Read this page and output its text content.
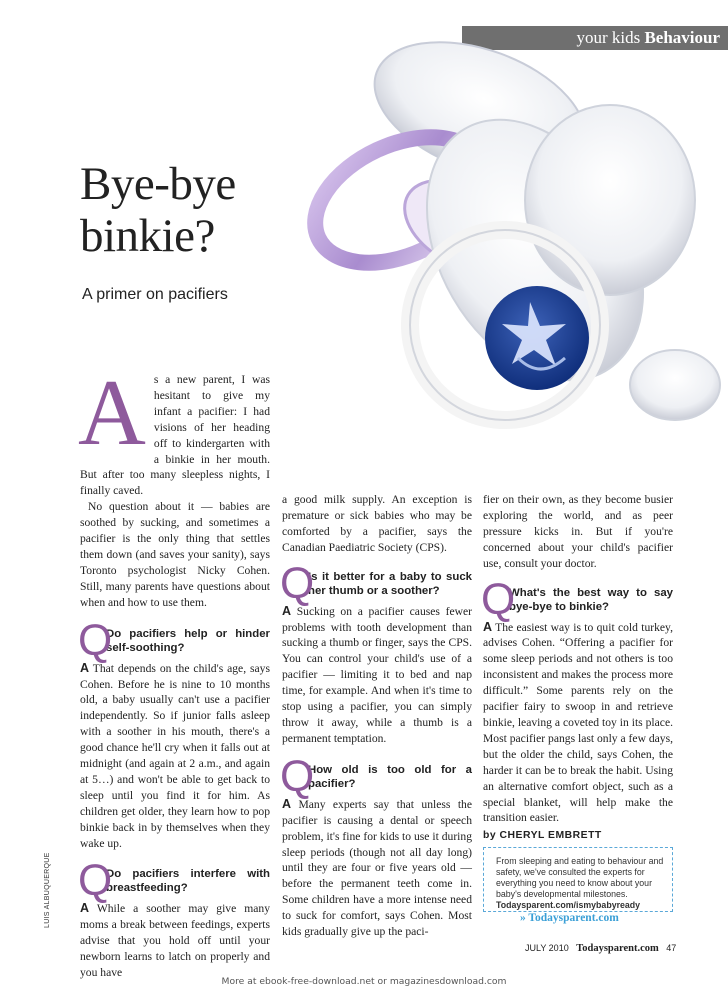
your kids Behaviour
Bye-bye
binkie?
A primer on pacifiers
A s a new parent, I was hesitant to give my infant a pacifier: I had visions of her heading off to kindergarten with a binkie in her mouth. But after too many sleepless nights, I finally caved.

No question about it — babies are soothed by sucking, and sometimes a pacifier is the only thing that settles them down (and saves your sanity), says Toronto psychologist Nicky Cohen. Still, many parents have questions about when and how to use them.

Q
Do pacifiers help or hinder self-soothing?

A That depends on the child's age, says Cohen. Before he is nine to 10 months old, a baby usually can't use a pacifier independently. So if junior falls asleep with a soother in his mouth, there's a good chance he'll cry when it falls out at midnight (and again at 2 a.m., and again at 5…) and won't be able to get back to sleep until you find it for him. As children get older, they learn how to pop binkie back in by themselves when they wake up.

Q
Do pacifiers interfere with breastfeeding?

A While a soother may give many moms a break between feedings, experts advise that you hold off until your newborn learns to latch on properly and you have

a good milk supply. An exception is premature or sick babies who may be comforted by a pacifier, says the Canadian Paediatric Society (CPS).

Q
Is it better for a baby to suck her thumb or a soother?

A Sucking on a pacifier causes fewer problems with tooth development than sucking a thumb or finger, says the CPS. You can control your child's use of a pacifier — limiting it to bed and nap time, for example. And when it's time to stop using a pacifier, you can simply throw it away, while a thumb is a permanent temptation.

Q
How old is too old for a pacifier?

A Many experts say that unless the pacifier is causing a dental or speech problem, it's fine for kids to use it during sleep periods (though not all day long) until they are four or five years old — before the permanent teeth come in. Some children have a more intense need to suck for comfort, says Cohen. Most kids gradually give up the paci-

fier on their own, as they become busier exploring the world, and as peer pressure kicks in. But if you're concerned about your child's pacifier use, consult your doctor.

Q
What's the best way to say bye-bye to binkie?

A The easiest way is to quit cold turkey, advises Cohen. “Offering a pacifier for some sleep periods and not others is too inconsistent and makes the process more difficult.” Some parents rely on the pacifier fairy to swoop in and retrieve binkie, leaving a coveted toy in its place. Most pacifier pangs last only a few days, but the older the child, says Cohen, the harder it can be to break the habit. Using an alternative comfort object, such as a special blanket, will help make the transition easier.

by CHERYL EMBRETT
From sleeping and eating to behaviour and safety, we've consulted the experts for everything you need to know about your baby's developmental milestones. Todaysparent.com/ismybabyready
» Todaysparent.com
JULY 2010 Todaysparent.com 47
LUIS ALBUQUERQUE
More at ebook-free-download.net or magazinesdownload.com
